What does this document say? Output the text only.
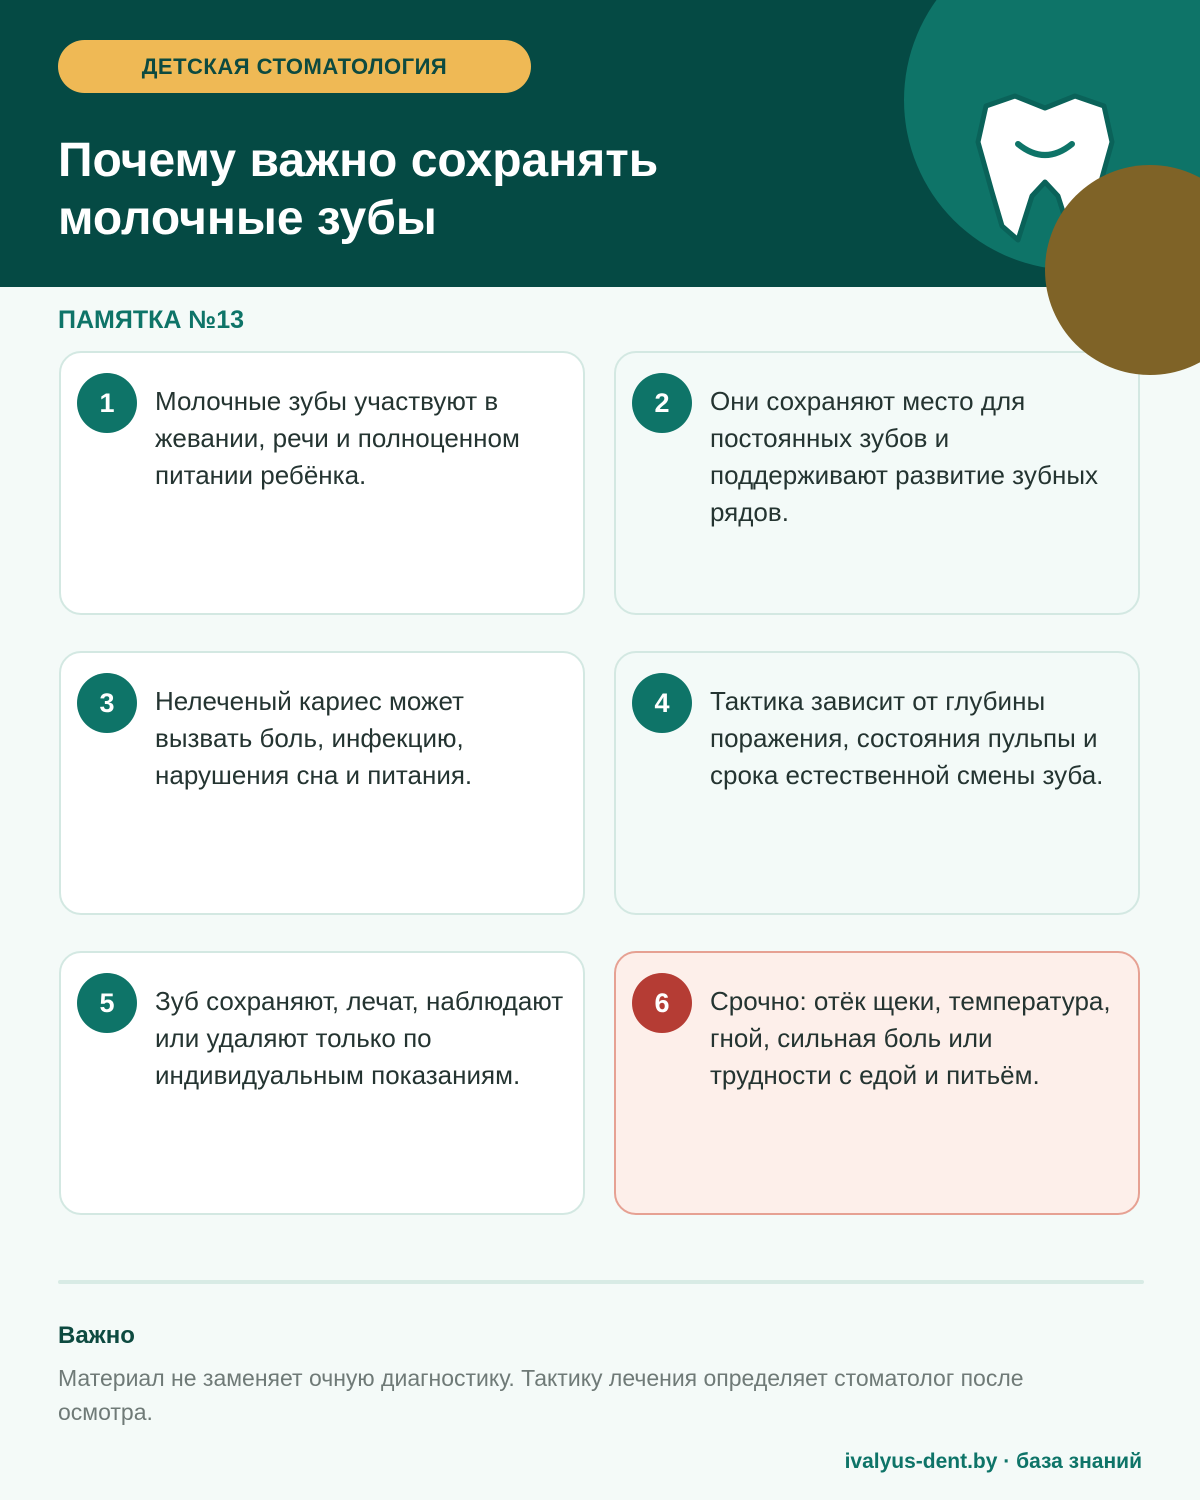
ДЕТСКАЯ СТОМАТОЛОГИЯ
Почему важно сохранять
молочные зубы
ПАМЯТКА №13
1	Молочные зубы участвуют в жевании, речи и полноценном питании ребёнка.
2	Они сохраняют место для постоянных зубов и поддерживают развитие зубных рядов.
3	Нелеченый кариес может вызвать боль, инфекцию, нарушения сна и питания.
4	Тактика зависит от глубины поражения, состояния пульпы и срока естественной смены зуба.
5	Зуб сохраняют, лечат, наблюдают или удаляют только по индивидуальным показаниям.
6	Срочно: отёк щеки, температура, гной, сильная боль или трудности с едой и питьём.
Важно
Материал не заменяет очную диагностику. Тактику лечения определяет стоматолог после осмотра.
ivalyus-dent.by · база знаний
